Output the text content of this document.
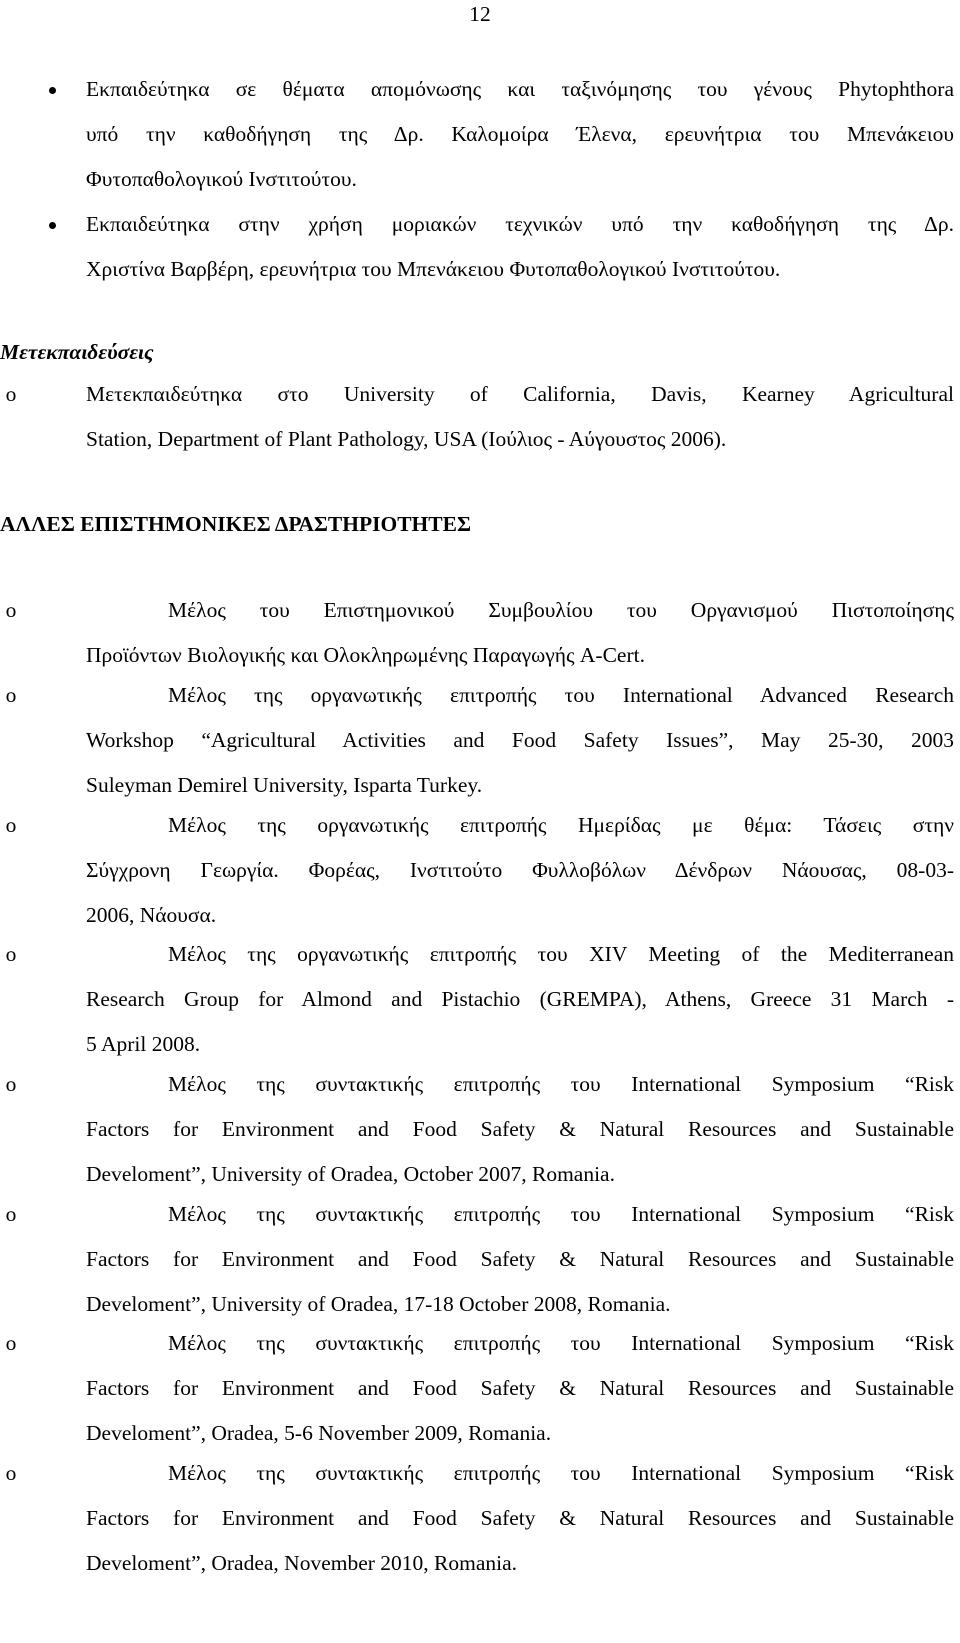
12

Εκπαιδεύτηκα σε θέματα απομόνωσης και ταξινόμησης του γένους Phytophthora

υπό την καθοδήγηση της Δρ. Καλομοίρα Έλενα, ερευνήτρια του Μπενάκειου

Φυτοπαθολογικού Ινστιτούτου.

Εκπαιδεύτηκα στην χρήση μοριακών τεχνικών υπό την καθοδήγηση της Δρ.

Χριστίνα Βαρβέρη, ερευνήτρια του Μπενάκειου Φυτοπαθολογικού Ινστιτούτου.

Μετεκπαιδεύσεις
o	Μετεκπαιδεύτηκα στο University of California, Davis, Kearney Agricultural

Station, Department of Plant Pathology, USA (Ιούλιος - Αύγουστος 2006).

ΑΛΛΕΣ ΕΠΙΣΤΗΜΟΝΙΚΕΣ ΔΡΑΣΤΗΡΙΟΤΗΤΕΣ
o	Μέλος του Επιστημονικού Συμβουλίου του Οργανισμού Πιστοποίησης

Προϊόντων Βιολογικής και Ολοκληρωμένης Παραγωγής A-Cert.

o	Μέλος της οργανωτικής επιτροπής του International Advanced Research

Workshop “Agricultural Activities and Food Safety Issues”, May 25-30, 2003

Suleyman Demirel University, Isparta Turkey.

o	Μέλος της οργανωτικής επιτροπής Ημερίδας με θέμα: Τάσεις στην

Σύγχρονη Γεωργία. Φορέας, Ινστιτούτο Φυλλοβόλων Δένδρων Νάουσας, 08-03-

2006, Νάουσα.

o	Μέλος της οργανωτικής επιτροπής του XIV Meeting of the Mediterranean

Research Group for Almond and Pistachio (GREMPA), Athens, Greece 31 March -

5 April 2008.

o	Μέλος της συντακτικής επιτροπής του International Symposium “Risk

Factors for Environment and Food Safety & Natural Resources and Sustainable

Develoment”, University of Oradea, October 2007, Romania.

o	Μέλος της συντακτικής επιτροπής του International Symposium “Risk

Factors for Environment and Food Safety & Natural Resources and Sustainable

Develoment”, University of Oradea, 17-18 October 2008, Romania.

o	Μέλος της συντακτικής επιτροπής του International Symposium “Risk

Factors for Environment and Food Safety & Natural Resources and Sustainable

Develoment”, Oradea, 5-6 November 2009, Romania.

o	Μέλος της συντακτικής επιτροπής του International Symposium “Risk

Factors for Environment and Food Safety & Natural Resources and Sustainable

Develoment”, Oradea, November 2010, Romania.
